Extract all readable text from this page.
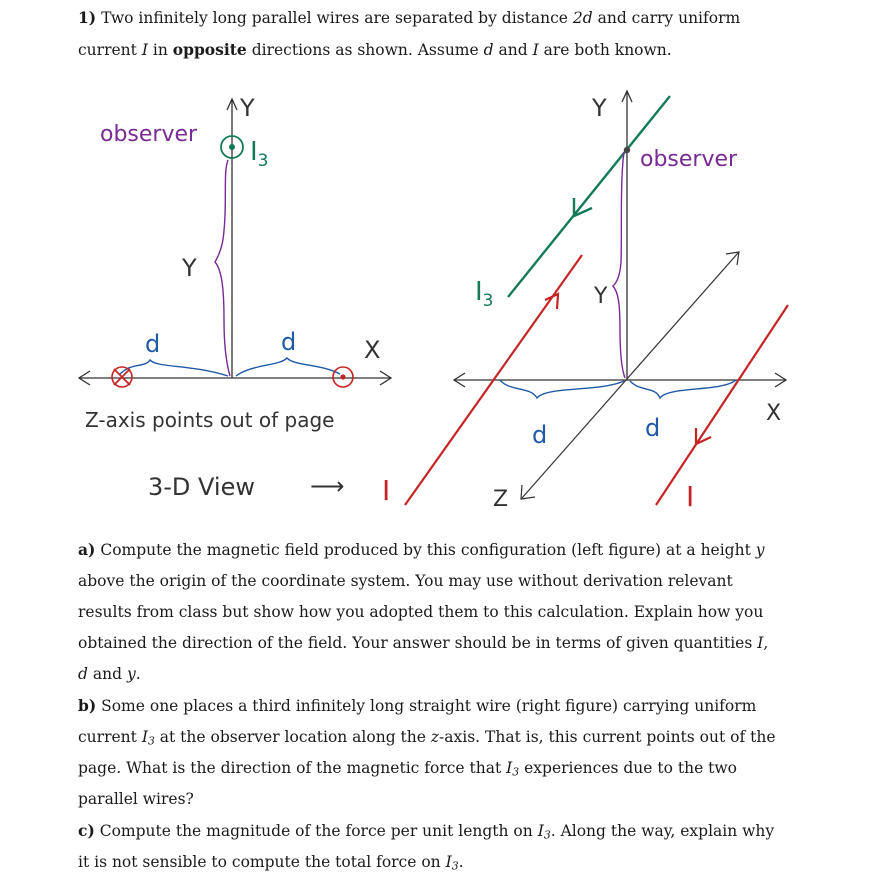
1) Two infinitely long parallel wires are separated by distance 2d and carry uniform current I in opposite directions as shown. Assume d and I are both known.

observer
Y
$I_3$
Y
d	d	X
Z-axis points out of page
3-D View ⟶ I
Y
observer
$I_3$	Y
d	d
X
Z	I
a) Compute the magnetic field produced by this configuration (left figure) at a height y above the origin of the coordinate system. You may use without derivation relevant results from class but show how you adopted them to this calculation. Explain how you obtained the direction of the field. Your answer should be in terms of given quantities I, d and y.
b) Some one places a third infinitely long straight wire (right figure) carrying uniform current $I_3$ at the observer location along the z-axis. That is, this current points out of the page. What is the direction of the magnetic force that $I_3$ experiences due to the two parallel wires?
c) Compute the magnitude of the force per unit length on $I_3$. Along the way, explain why it is not sensible to compute the total force on $I_3$.
